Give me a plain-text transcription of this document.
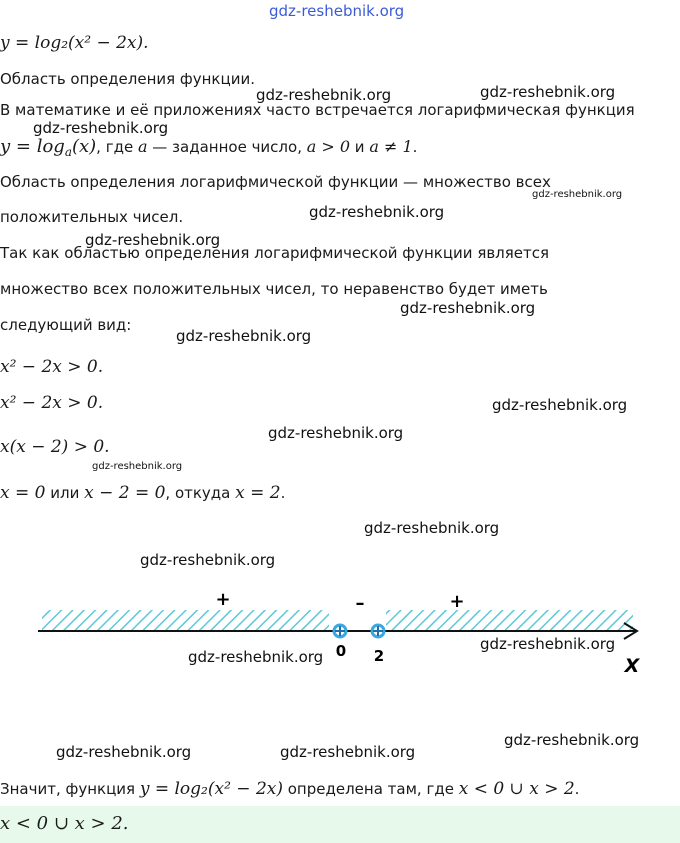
gdz-reshebnik.org
y = log₂(x² − 2x).
Область определения функции.
gdz-reshebnik.org	gdz-reshebnik.org
В математике и её приложениях часто встречается логарифмическая функция
gdz-reshebnik.org
$y = \log_a(x)$, где a — заданное число, a > 0 и a ≠ 1.
Область определения логарифмической функции — множество всех
gdz-reshebnik.org
положительных чисел.	gdz-reshebnik.org
gdz-reshebnik.org
Так как областью определения логарифмической функции является
множество всех положительных чисел, то неравенство будет иметь
gdz-reshebnik.org
следующий вид:
gdz-reshebnik.org
x² − 2x > 0.
x² − 2x > 0.	gdz-reshebnik.org
gdz-reshebnik.org
x(x − 2) > 0.
gdz-reshebnik.org
x = 0 или x − 2 = 0, откуда x = 2.
gdz-reshebnik.org
gdz-reshebnik.org
+	–	+
0 2	X
gdz-reshebnik.org
gdz-reshebnik.org
gdz-reshebnik.org
gdz-reshebnik.org	gdz-reshebnik.org
Значит, функция y = log₂(x² − 2x) определена там, где x < 0 ∪ x > 2.
x < 0 ∪ x > 2.
